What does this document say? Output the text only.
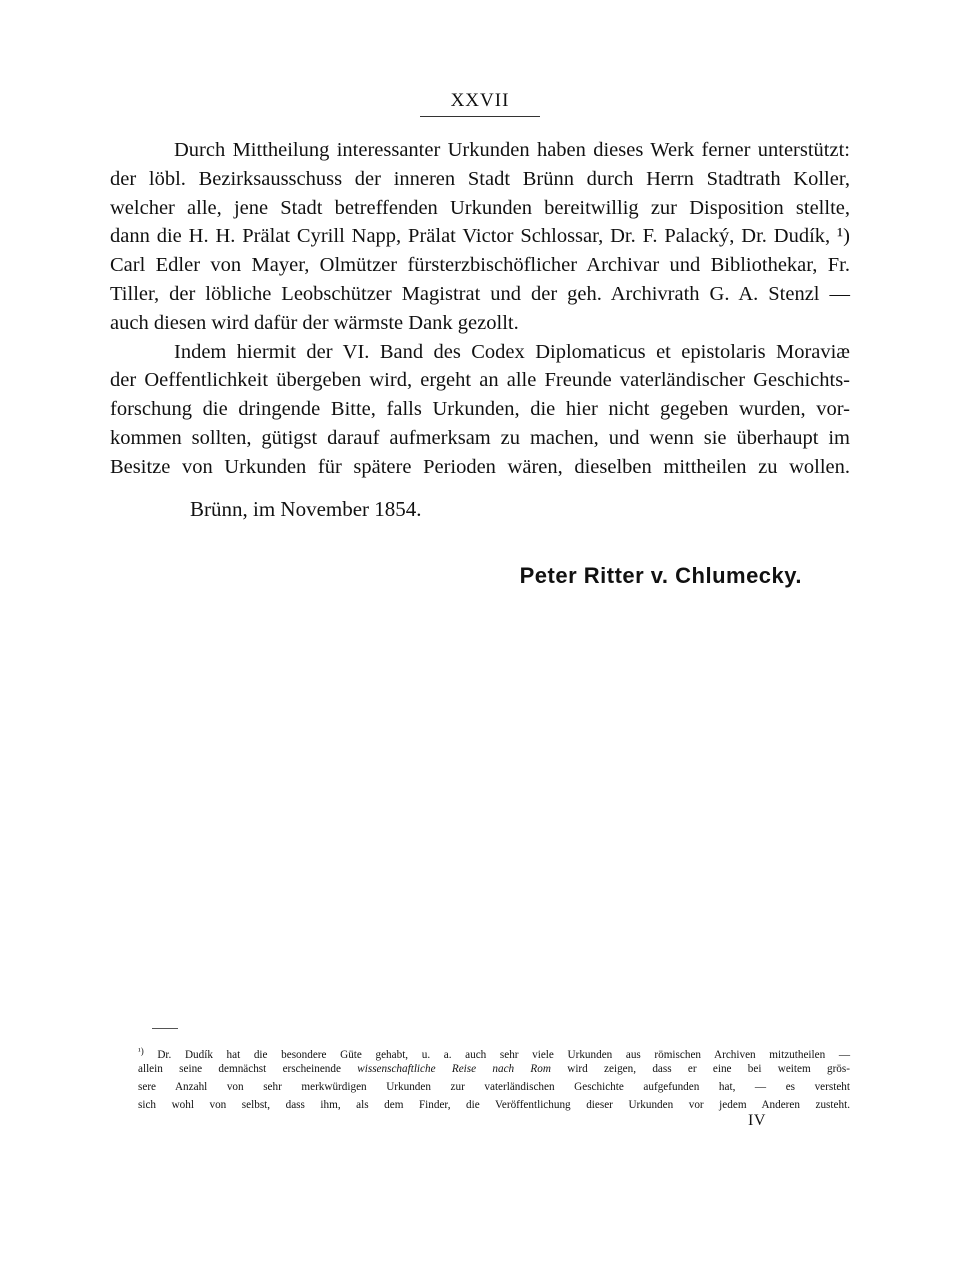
XXVII
Durch Mittheilung interessanter Urkunden haben dieses Werk ferner unterstützt:
der löbl. Bezirksausschuss der inneren Stadt Brünn durch Herrn Stadtrath Koller,
welcher alle, jene Stadt betreffenden Urkunden bereitwillig zur Disposition stellte,
dann die H. H. Prälat Cyrill Napp, Prälat Victor Schlossar, Dr. F. Palacký, Dr. Dudík, ¹)
Carl Edler von Mayer, Olmützer fürsterzbischöflicher Archivar und Bibliothekar, Fr.
Tiller, der löbliche Leobschützer Magistrat und der geh. Archivrath G. A. Stenzl —
auch diesen wird dafür der wärmste Dank gezollt.
Indem hiermit der VI. Band des Codex Diplomaticus et epistolaris Moraviæ
der Oeffentlichkeit übergeben wird, ergeht an alle Freunde vaterländischer Geschichts-
forschung die dringende Bitte, falls Urkunden, die hier nicht gegeben wurden, vor-
kommen sollten, gütigst darauf aufmerksam zu machen, und wenn sie überhaupt im
Besitze von Urkunden für spätere Perioden wären, dieselben mittheilen zu wollen.
Brünn, im November 1854.
Peter Ritter v. Chlumecky.
$^{^1)}$ Dr. Dudík hat die besondere Güte gehabt, u. a. auch sehr viele Urkunden aus römischen Archiven mitzutheilen —
allein seine demnächst erscheinende wissenschaftliche Reise nach Rom wird zeigen, dass er eine bei weitem grös-
sere Anzahl von sehr merkwürdigen Urkunden zur vaterländischen Geschichte aufgefunden hat, — es versteht
sich wohl von selbst, dass ihm, als dem Finder, die Veröffentlichung dieser Urkunden vor jedem Anderen zusteht.
IV
